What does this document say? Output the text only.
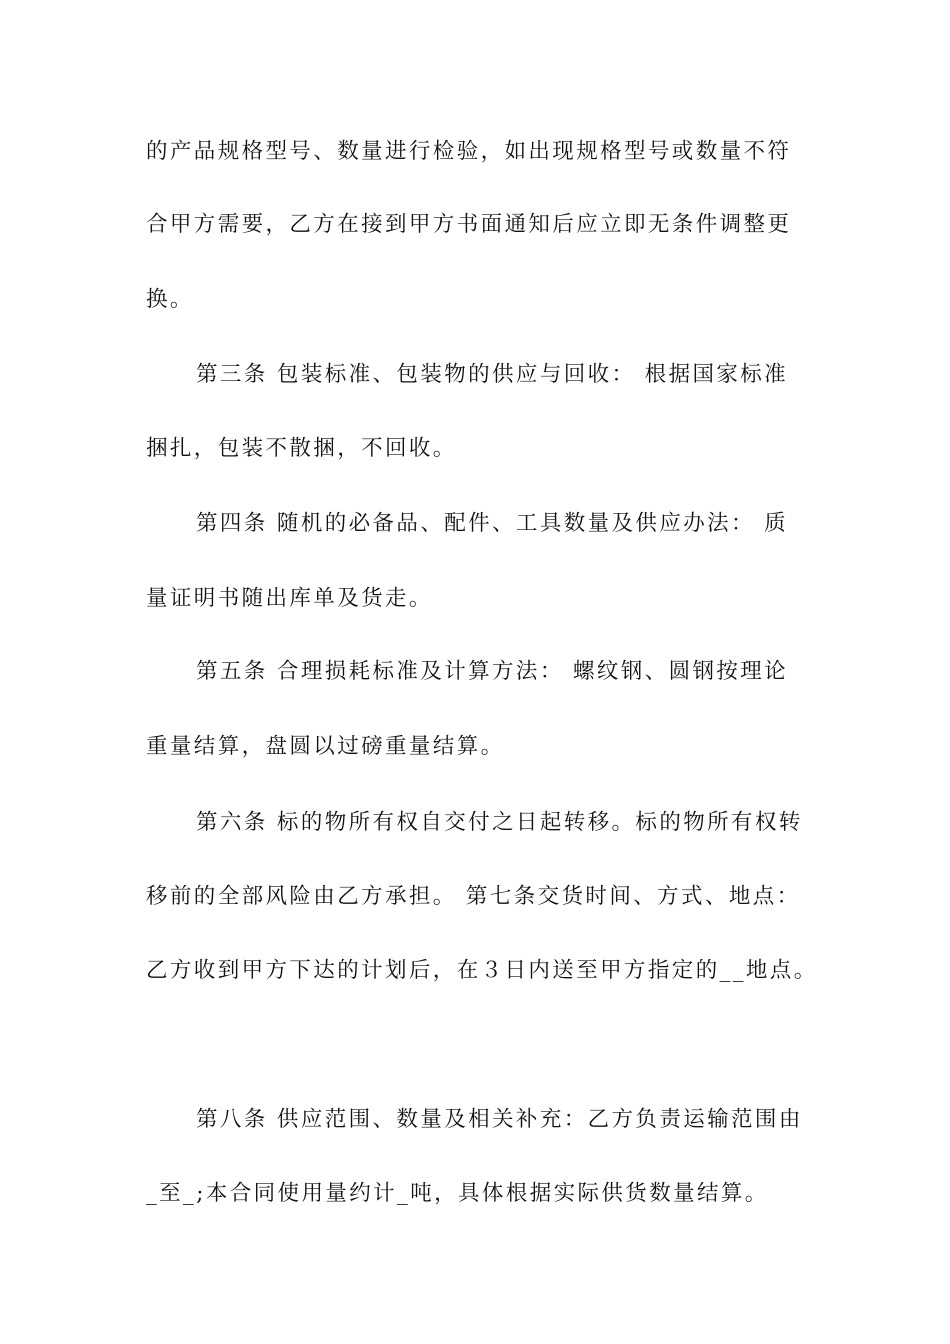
的产品规格型号、数量进行检验，如出现规格型号或数量不符
合甲方需要，乙方在接到甲方书面通知后应立即无条件调整更
换。
第三条 包装标准、包装物的供应与回收： 根据国家标准
捆扎，包装不散捆，不回收。
第四条 随机的必备品、配件、工具数量及供应办法： 质
量证明书随出库单及货走。
第五条 合理损耗标准及计算方法： 螺纹钢、圆钢按理论
重量结算，盘圆以过磅重量结算。
第六条 标的物所有权自交付之日起转移。标的物所有权转
移前的全部风险由乙方承担。 第七条交货时间、方式、地点：
乙方收到甲方下达的计划后，在３日内送至甲方指定的__地点。
第八条 供应范围、数量及相关补充：乙方负责运输范围由
_至_;本合同使用量约计_吨，具体根据实际供货数量结算。
